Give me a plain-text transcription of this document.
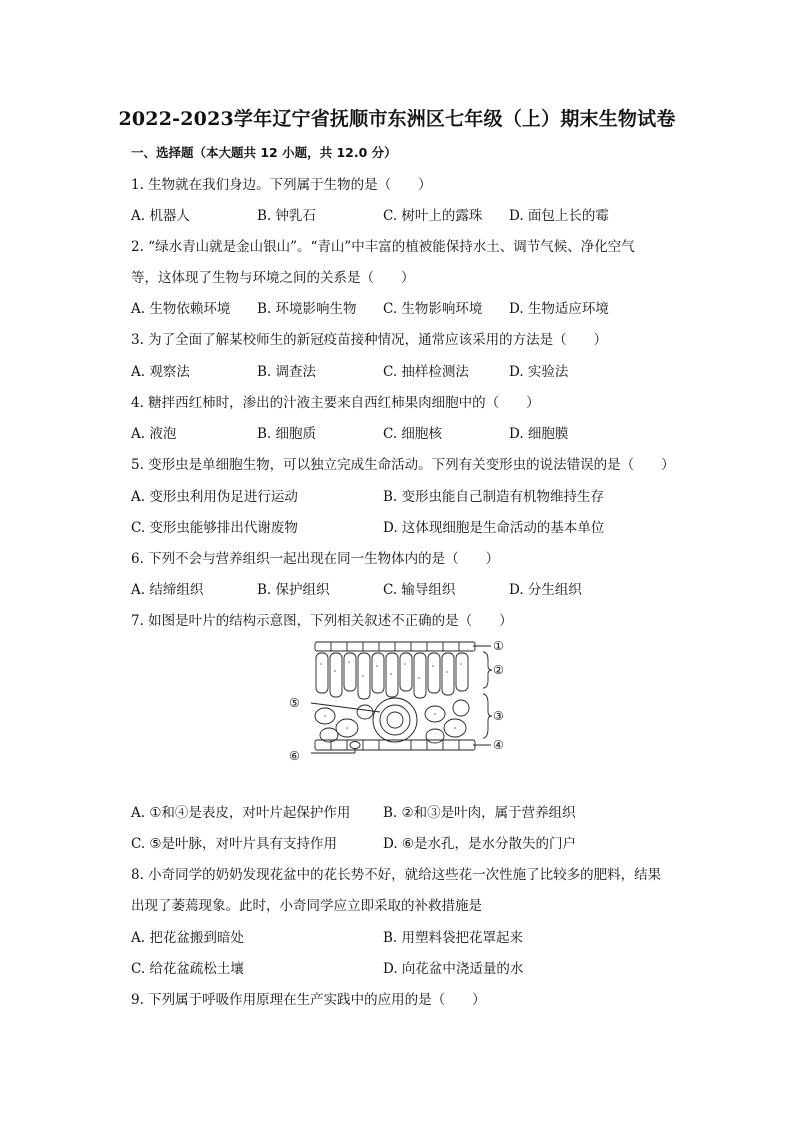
2022-2023学年辽宁省抚顺市东洲区七年级（上）期末生物试卷
一、选择题（本大题共 12 小题，共 12.0 分）
1. 生物就在我们身边。下列属于生物的是（　　）
A. 机器人	B. 钟乳石	C. 树叶上的露珠 D. 面包上长的霉
2. “绿水青山就是金山银山”。“青山”中丰富的植被能保持水土、调节气候、净化空气
等，这体现了生物与环境之间的关系是（　　）
A. 生物依赖环境 B. 环境影响生物 C. 生物影响环境 D. 生物适应环境
3. 为了全面了解某校师生的新冠疫苗接种情况，通常应该采用的方法是（　　）
A. 观察法	B. 调查法	C. 抽样检测法	D. 实验法
4. 糖拌西红柿时，渗出的汁液主要来自西红柿果肉细胞中的（　　）
A. 液泡	B. 细胞质	C. 细胞核	D. 细胞膜
5. 变形虫是单细胞生物，可以独立完成生命活动。下列有关变形虫的说法错误的是（　　）
A. 变形虫利用伪足进行运动	B. 变形虫能自己制造有机物维持生存
C. 变形虫能够排出代谢废物	D. 这体现细胞是生命活动的基本单位
6. 下列不会与营养组织一起出现在同一生物体内的是（　　）
A. 结缔组织	B. 保护组织	C. 输导组织	D. 分生组织
7. 如图是叶片的结构示意图，下列相关叙述不正确的是（　　）
①
②
③
④
⑤
⑥
A. ①和④是表皮，对叶片起保护作用 B. ②和③是叶肉，属于营养组织
C. ⑤是叶脉，对叶片具有支持作用	D. ⑥是水孔，是水分散失的门户
8. 小奇同学的奶奶发现花盆中的花长势不好，就给这些花一次性施了比较多的肥料，结果
出现了萎蔫现象。此时，小奇同学应立即采取的补救措施是
A. 把花盆搬到暗处	B. 用塑料袋把花罩起来
C. 给花盆疏松土壤	D. 向花盆中浇适量的水
9. 下列属于呼吸作用原理在生产实践中的应用的是（　　）
